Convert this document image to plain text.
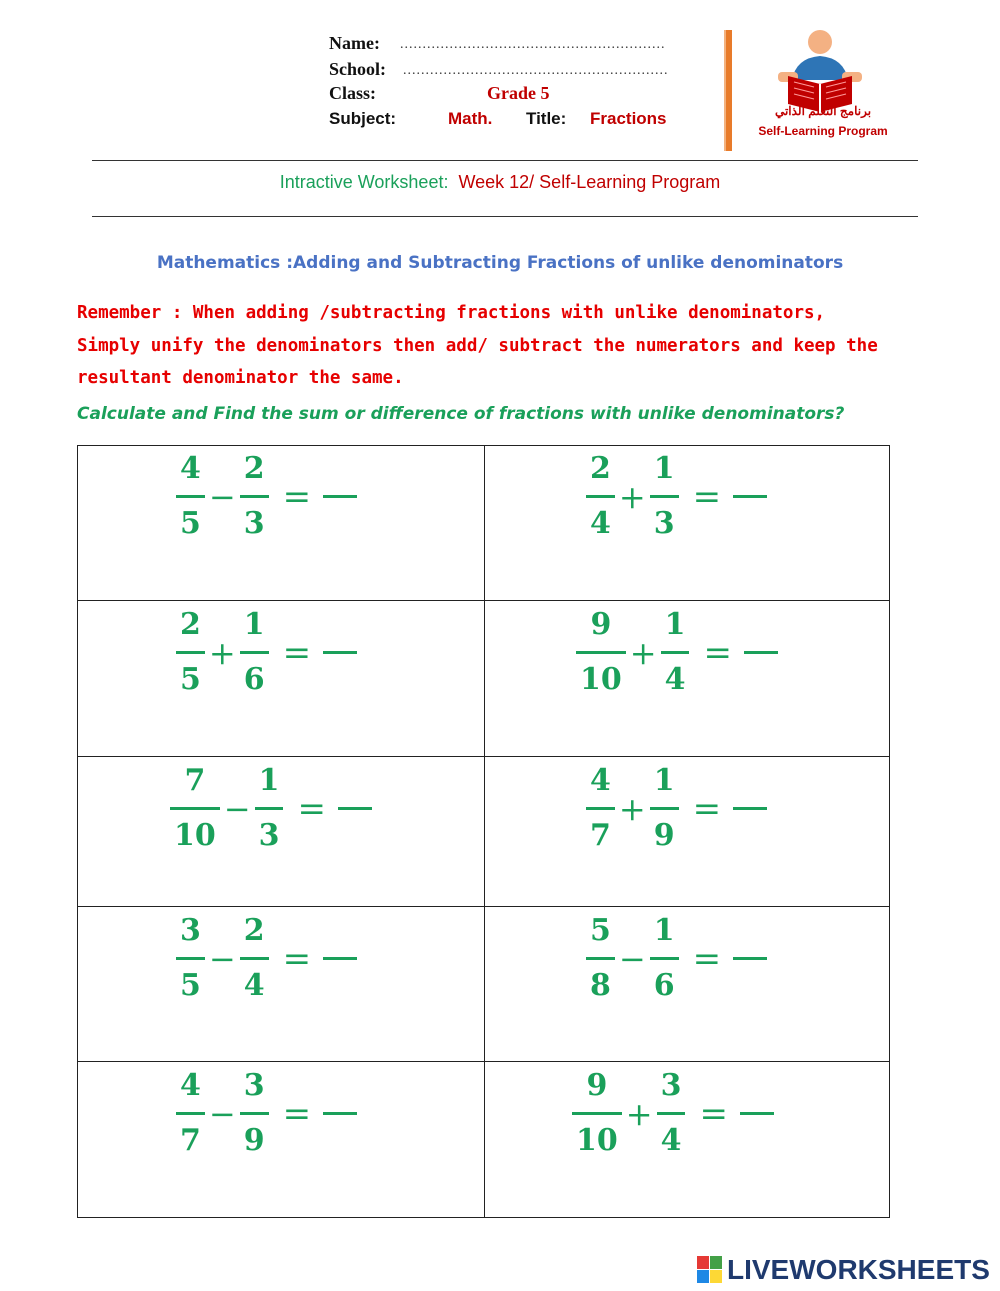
Name: ...........................................................
School: ...........................................................
Class:	Grade 5
Subject:	Math. Title: Fractions	برنامج التعلم الذاتي
Self-Learning Program
Intractive Worksheet: Week 12/ Self-Learning Program
Mathematics :Adding and Subtracting Fractions of unlike denominators
Remember : When adding /subtracting fractions with unlike denominators,
Simply unify the denominators then add/ subtract the numerators and keep the
resultant denominator the same.
Calculate and Find the sum or difference of fractions with unlike denominators?
$\frac{4}{5} - \frac{2}{3}$ =	$\frac{2}{4} + \frac{1}{3}$ =
$\frac{2}{5} + \frac{1}{6}$ =	$\frac{9}{10} + \frac{1}{4}$ =
$\frac{7}{10} - \frac{1}{3}$ =	$\frac{4}{7} + \frac{1}{9}$ =
$\frac{3}{5} - \frac{2}{4}$ =	$\frac{5}{8} - \frac{1}{6}$ =
$\frac{4}{7} - \frac{3}{9}$ =	$\frac{9}{10} + \frac{3}{4}$ =
LIVEWORKSHEETS
